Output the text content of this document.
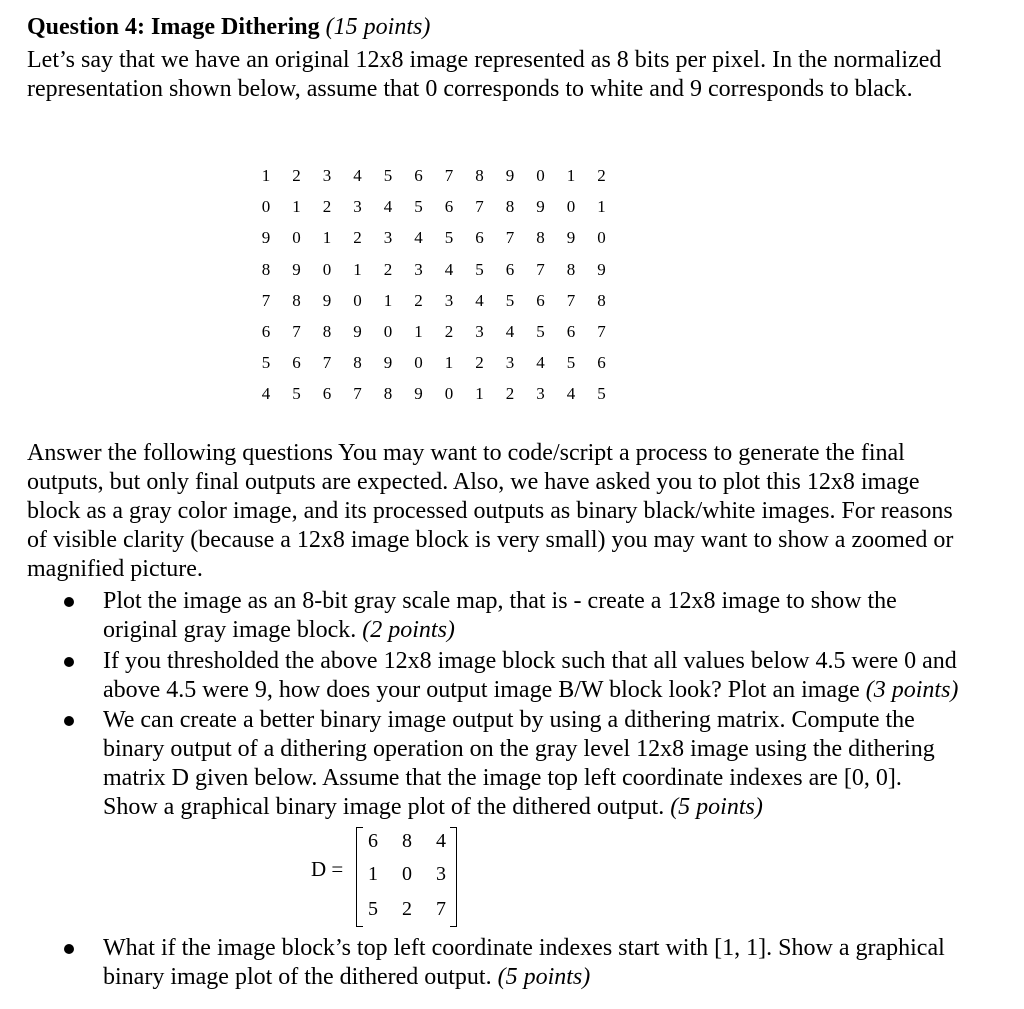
Question 4: Image Dithering (15 points)
Let’s say that we have an original 12x8 image represented as 8 bits per pixel. In the normalized
representation shown below, assume that 0 corresponds to white and 9 corresponds to black.
1	2	3	4	5	6	7	8	9	0	1	2
0	1	2	3	4	5	6	7	8	9	0	1
9	0	1	2	3	4	5	6	7	8	9	0
8	9	0	1	2	3	4	5	6	7	8	9
7	8	9	0	1	2	3	4	5	6	7	8
6	7	8	9	0	1	2	3	4	5	6	7
5	6	7	8	9	0	1	2	3	4	5	6
4	5	6	7	8	9	0	1	2	3	4	5
Answer the following questions You may want to code/script a process to generate the final
outputs, but only final outputs are expected. Also, we have asked you to plot this 12x8 image
block as a gray color image, and its processed outputs as binary black/white images. For reasons
of visible clarity (because a 12x8 image block is very small) you may want to show a zoomed or
magnified picture.
Plot the image as an 8-bit gray scale map, that is - create a 12x8 image to show the
original gray image block. (2 points)
If you thresholded the above 12x8 image block such that all values below 4.5 were 0 and
above 4.5 were 9, how does your output image B/W block look? Plot an image (3 points)
We can create a better binary image output by using a dithering matrix. Compute the
binary output of a dithering operation on the gray level 12x8 image using the dithering
matrix D given below. Assume that the image top left coordinate indexes are [0, 0].
Show a graphical binary image plot of the dithered output. (5 points)
D =
6 8 4
1 0 3
5 2 7
What if the image block’s top left coordinate indexes start with [1, 1]. Show a graphical
binary image plot of the dithered output. (5 points)
